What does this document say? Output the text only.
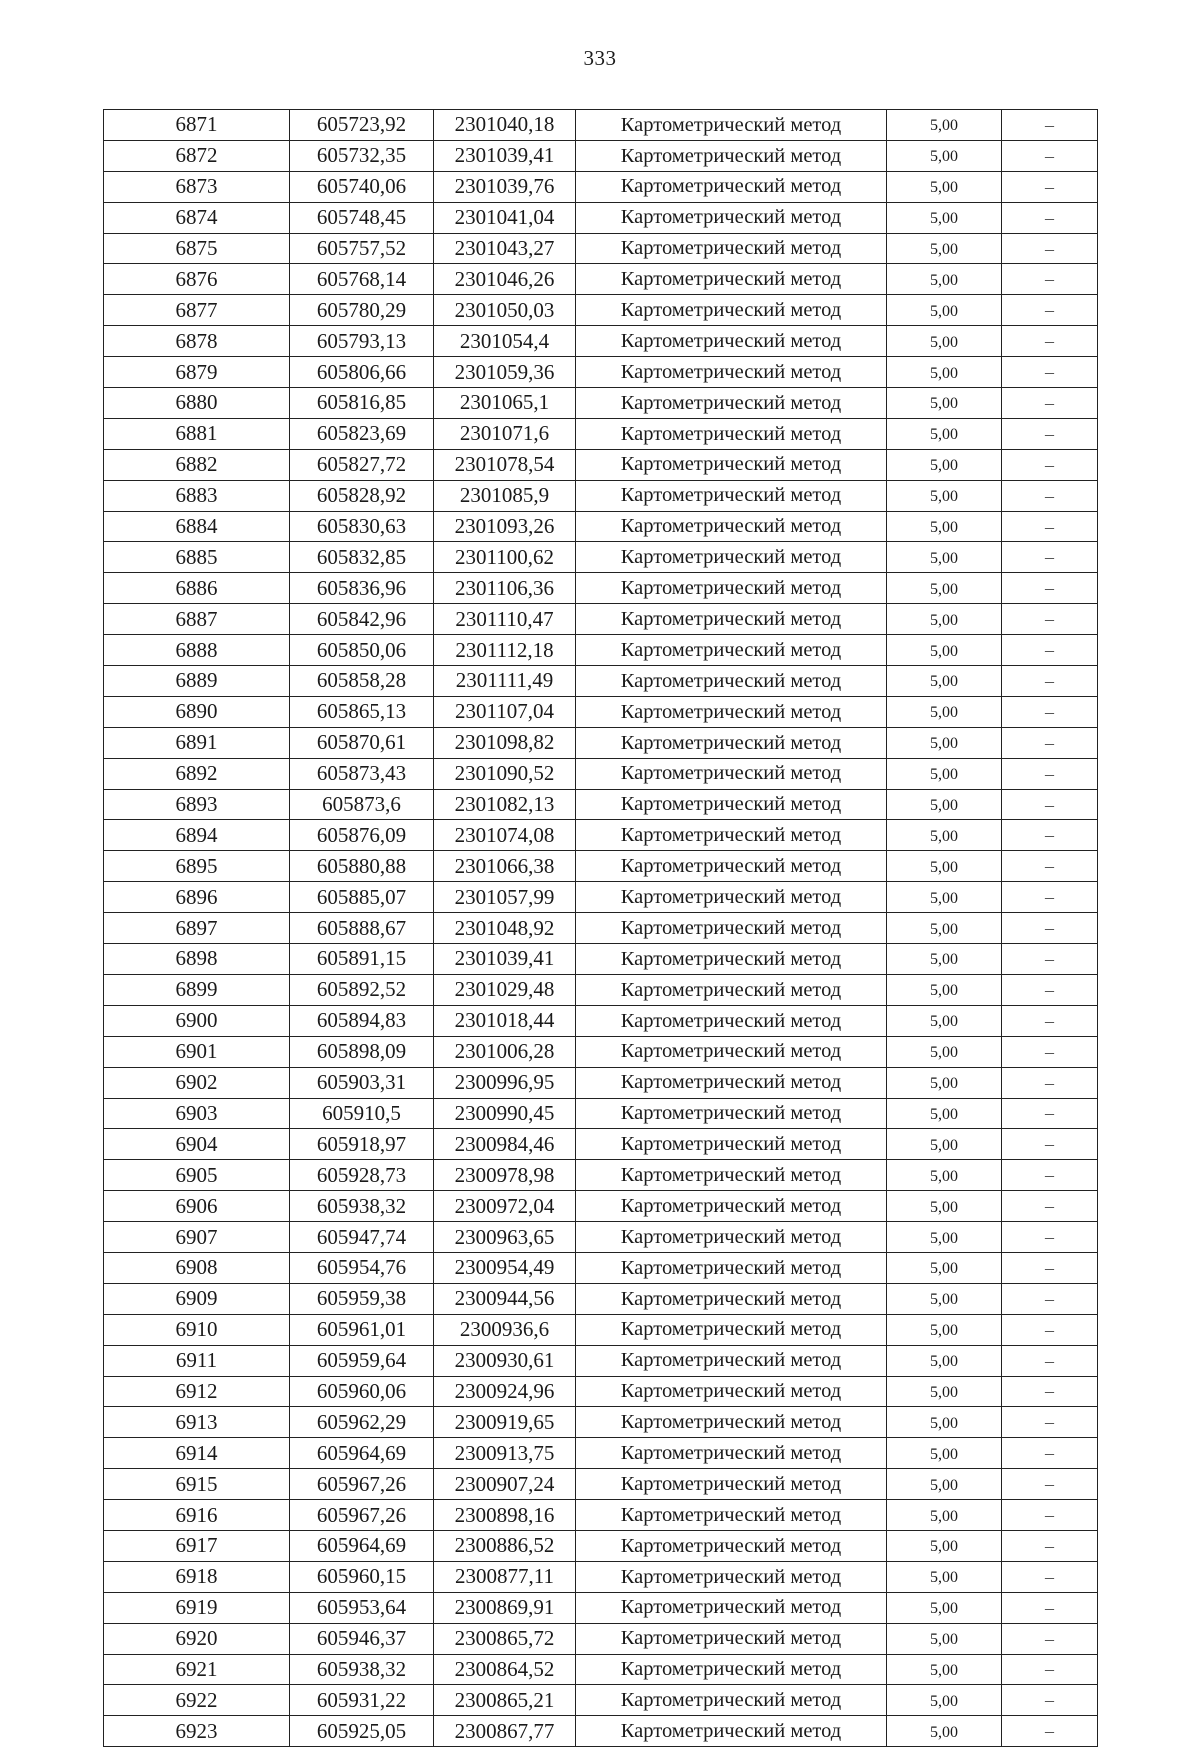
333
6871	605723,92	2301040,18	Картометрический метод	5,00	–
6872	605732,35	2301039,41	Картометрический метод	5,00	–
6873	605740,06	2301039,76	Картометрический метод	5,00	–
6874	605748,45	2301041,04	Картометрический метод	5,00	–
6875	605757,52	2301043,27	Картометрический метод	5,00	–
6876	605768,14	2301046,26	Картометрический метод	5,00	–
6877	605780,29	2301050,03	Картометрический метод	5,00	–
6878	605793,13	2301054,4	Картометрический метод	5,00	–
6879	605806,66	2301059,36	Картометрический метод	5,00	–
6880	605816,85	2301065,1	Картометрический метод	5,00	–
6881	605823,69	2301071,6	Картометрический метод	5,00	–
6882	605827,72	2301078,54	Картометрический метод	5,00	–
6883	605828,92	2301085,9	Картометрический метод	5,00	–
6884	605830,63	2301093,26	Картометрический метод	5,00	–
6885	605832,85	2301100,62	Картометрический метод	5,00	–
6886	605836,96	2301106,36	Картометрический метод	5,00	–
6887	605842,96	2301110,47	Картометрический метод	5,00	–
6888	605850,06	2301112,18	Картометрический метод	5,00	–
6889	605858,28	2301111,49	Картометрический метод	5,00	–
6890	605865,13	2301107,04	Картометрический метод	5,00	–
6891	605870,61	2301098,82	Картометрический метод	5,00	–
6892	605873,43	2301090,52	Картометрический метод	5,00	–
6893	605873,6	2301082,13	Картометрический метод	5,00	–
6894	605876,09	2301074,08	Картометрический метод	5,00	–
6895	605880,88	2301066,38	Картометрический метод	5,00	–
6896	605885,07	2301057,99	Картометрический метод	5,00	–
6897	605888,67	2301048,92	Картометрический метод	5,00	–
6898	605891,15	2301039,41	Картометрический метод	5,00	–
6899	605892,52	2301029,48	Картометрический метод	5,00	–
6900	605894,83	2301018,44	Картометрический метод	5,00	–
6901	605898,09	2301006,28	Картометрический метод	5,00	–
6902	605903,31	2300996,95	Картометрический метод	5,00	–
6903	605910,5	2300990,45	Картометрический метод	5,00	–
6904	605918,97	2300984,46	Картометрический метод	5,00	–
6905	605928,73	2300978,98	Картометрический метод	5,00	–
6906	605938,32	2300972,04	Картометрический метод	5,00	–
6907	605947,74	2300963,65	Картометрический метод	5,00	–
6908	605954,76	2300954,49	Картометрический метод	5,00	–
6909	605959,38	2300944,56	Картометрический метод	5,00	–
6910	605961,01	2300936,6	Картометрический метод	5,00	–
6911	605959,64	2300930,61	Картометрический метод	5,00	–
6912	605960,06	2300924,96	Картометрический метод	5,00	–
6913	605962,29	2300919,65	Картометрический метод	5,00	–
6914	605964,69	2300913,75	Картометрический метод	5,00	–
6915	605967,26	2300907,24	Картометрический метод	5,00	–
6916	605967,26	2300898,16	Картометрический метод	5,00	–
6917	605964,69	2300886,52	Картометрический метод	5,00	–
6918	605960,15	2300877,11	Картометрический метод	5,00	–
6919	605953,64	2300869,91	Картометрический метод	5,00	–
6920	605946,37	2300865,72	Картометрический метод	5,00	–
6921	605938,32	2300864,52	Картометрический метод	5,00	–
6922	605931,22	2300865,21	Картометрический метод	5,00	–
6923	605925,05	2300867,77	Картометрический метод	5,00	–
